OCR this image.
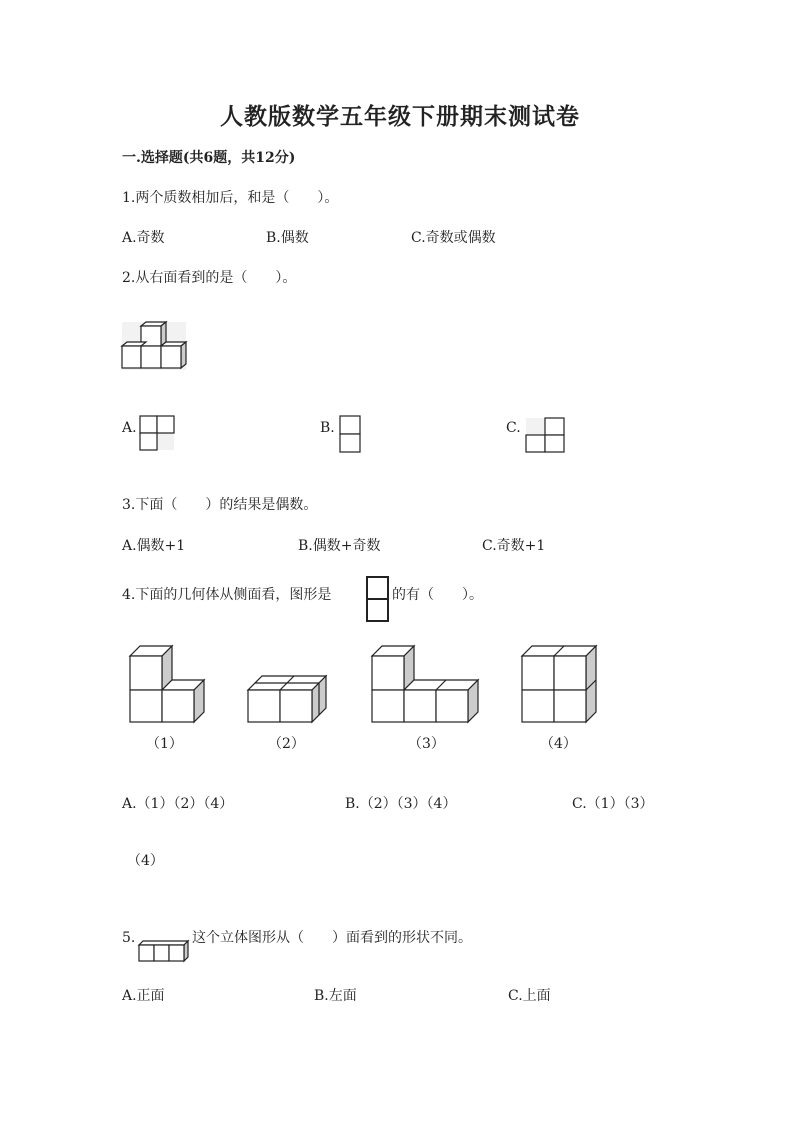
人教版数学五年级下册期末测试卷
一.选择题(共6题，共12分)
1.两个质数相加后，和是（　　）。
A.奇数	B.偶数	C.奇数或偶数
2.从右面看到的是（　　）。
A.	B.	C.
3.下面（　　）的结果是偶数。
A.偶数+1	B.偶数+奇数	C.奇数+1
4.下面的几何体从侧面看，图形是	的有（　　）。
（1）	（2）	（3）	（4）
A.（1）（2）（4）	B.（2）（3）（4）	C.（1）（3）
（4）
5.	这个立体图形从（　　）面看到的形状不同。
A.正面	B.左面	C.上面
